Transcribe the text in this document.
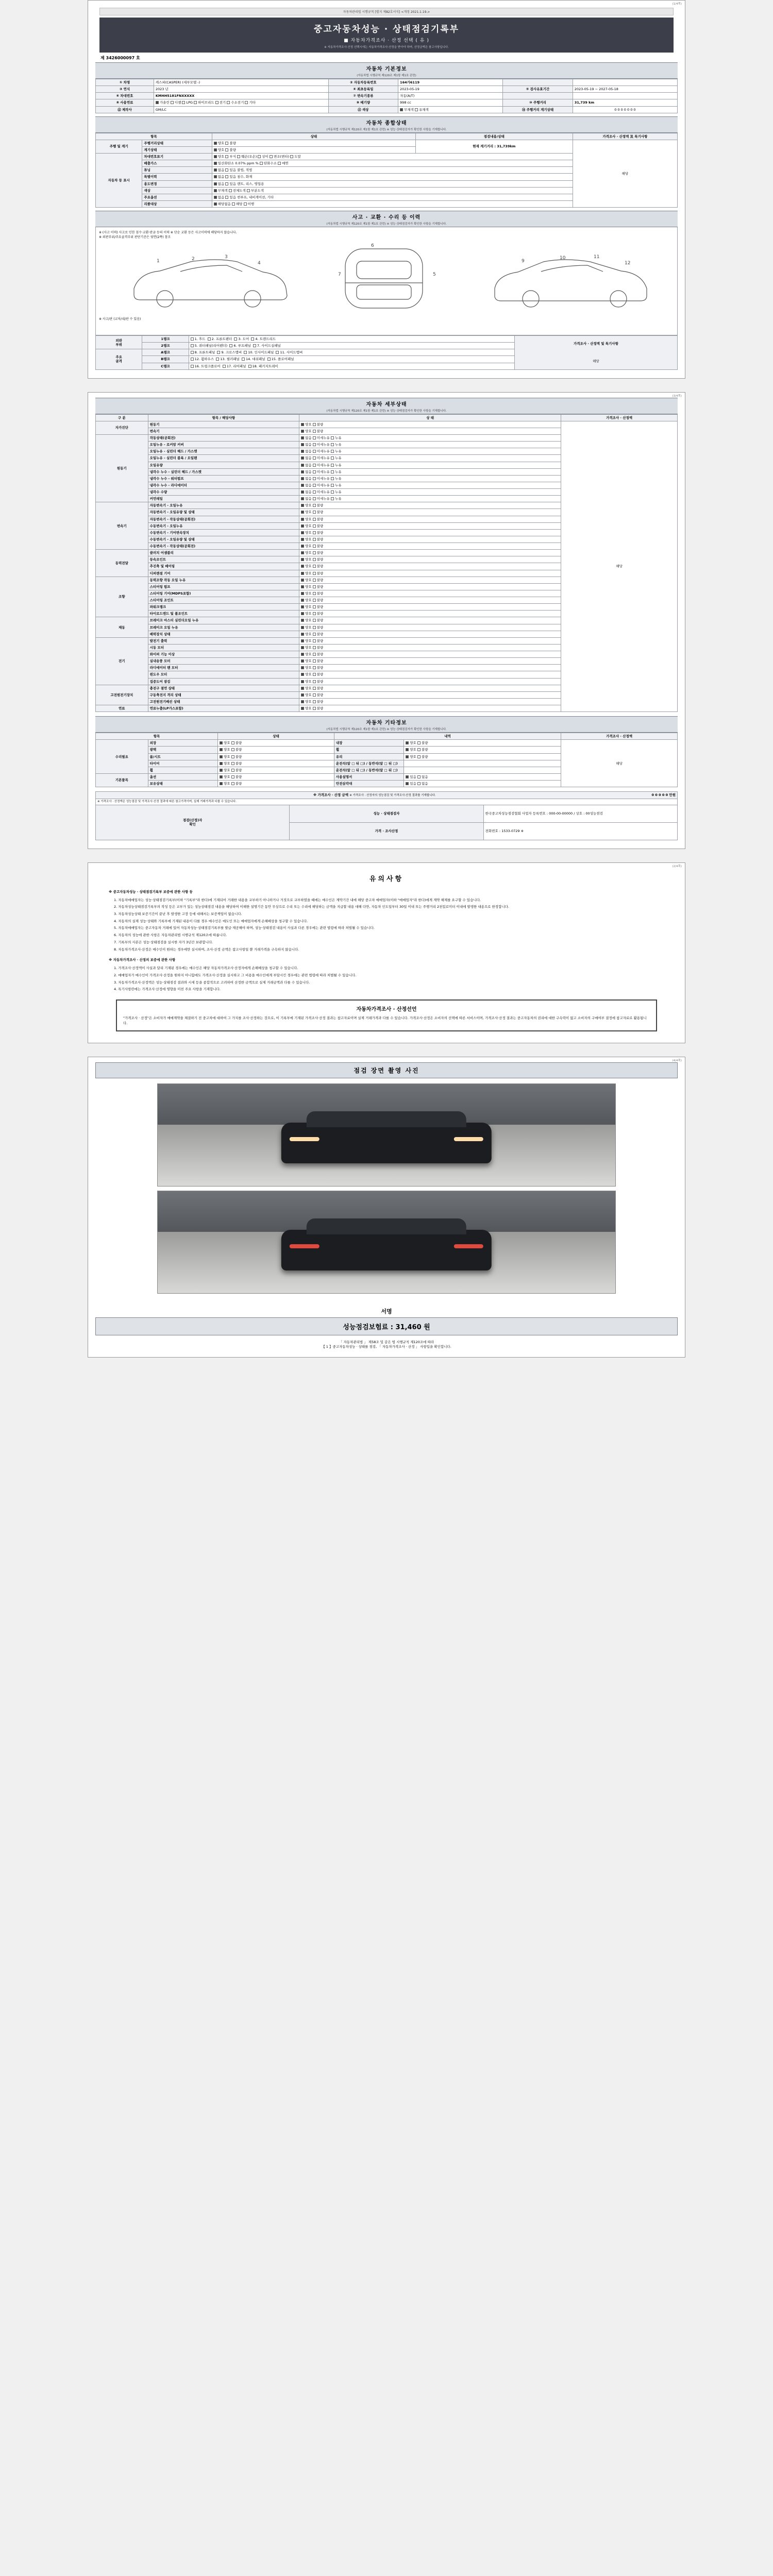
(1/4쪽)
자동차관리법 시행규칙 [별지 제82호서식] <개정 2021.1.19.>
중고자동차성능 · 상태점검기록부
■ 자동차가격조사 · 산정 선택 ( 유 )
※ 자동차가격조사·산정 선택시에는 자동차가격조사·산정을 받아야 하며, 산정금액은 참고사항입니다.
제 3426000097 호
자동차 기본정보
(자동차법 시행규칙 제120조 제1항 제1호 관련)
① 차명	캐스퍼(CASPER) (세부모델 -)	② 자동차등록번호	164가6119		
③ 연식	2023 년	④ 최초등록일	2023-05-19	⑤ 검사유효기간	2023-05-19 ~ 2027-05-18
⑥ 차대번호	KMHH5181FNXXXXX	⑦ 변속기종류	자동(A/T)		
⑧ 사용연료	가솔린 디젤 LPG 하이브리드 전기 수소전기 기타	⑨ 배기량	998 cc	⑩ 주행거리	31,739 km
⑫ 제작사	GM/LC	⑪ 색상	무채색 유채색	⑭ 주행거리 계기상태	0 0 0 0 0 0 0
자동차 종합상태
(자동차법 시행규칙 제120조 제1항 제1호 관련) ※ 성능·상태점검자가 확인한 사항을 기재합니다.
항목		상태	점검내용/상태	가격조사 · 산정액 及 특기사항
주행 및 계기	주행거리상태	양호 불량	현재 계기거리 : 31,739km	해당
	계기상태	양호 불량		
자동차 등 표시	차대번호표기	양호 부식 훼손(오손) 상이 변조(변타) 도말		
	배출가스	일산화탄소 0.07% ppm % 탄화수소 매연		
	튜닝	없음 있음 불법, 적법		
	특별이력	없음 있음 침수, 화재		
	용도변경	없음 있음 렌트, 리스, 영업용		
	색상	무채색 전체도색 부분도색		
	주요옵션	없음 있음 썬루프, 내비게이션, 기타		
	리콜대상	해당없음 해당 이행		
사고 · 교환 · 수리 등 이력
(자동차법 시행규칙 제120조 제1항 제1호 관련) ※ 성능·상태점검자가 확인한 사항을 기재합니다.
※ (사고 이력) 사고로 인한 침수·교환·판금 등의 이력 ※ 단순 교환 등은 사고이력에 해당하지 않습니다.
※ 외판부위/주요골격부위 판단기준은 뒷면(2쪽) 참조
1	2	3
4
6
5
7
9
10	11
12
※ 사고/판 (교차/내/판 수 있음)
외판
부위	1랭크	1. 후드 2. 프론트펜더 3. 도어 4. 트렌드리드	
가격조사 · 산정액 및 특기사항
해당

	2랭크	5. 쿼터패널(리어펜더) 6. 루프패널 7. 사이드실패널	
주요
골격	A랭크	8. 프론트패널 9. 크로스맴버 10. 인사이드패널 11. 사이드멤버	
	B랭크	12. 휠하우스 13. 필러패널 14. 대쉬패널 15. 플로어패널	
	C랭크	16. 트렁크플로어 17. 리어패널 18. 패키지트레이	
(3/4쪽)
자동차 세부상태
(자동차법 시행규칙 제120조 제1항 제1호 관련) ※ 성능·상태점검자가 확인한 사항을 기재합니다.
구 분	항목 / 해당사항	상 태	가격조사 · 산정액
자가진단	원동기	양호 불량	해당
	변속기	양호 불량	
원동기	작동상태(공회전)	없음 미세누유 누유	
	오일누유 - 로커암 커버	없음 미세누유 누유	
	오일누유 - 실린더 헤드 / 가스켓	없음 미세누유 누유	
	오일누유 - 실린더 블록 / 오일팬	없음 미세누유 누유	
	오일유량	없음 미세누유 누유	
	냉각수 누수 - 실린더 헤드 / 가스켓	없음 미세누유 누유	
	냉각수 누수 - 워터펌프	없음 미세누유 누유	
	냉각수 누수 - 라디에이터	없음 미세누유 누유	
	냉각수 수량	없음 미세누유 누유	
	커먼레일	없음 미세누유 누유	
변속기	자동변속기 - 오일누유	양호 불량	
	자동변속기 - 오일유량 및 상태	양호 불량	
	자동변속기 - 작동상태(공회전)	양호 불량	
	수동변속기 - 오일누유	양호 불량	
	수동변속기 - 기어변속장치	양호 불량	
	수동변속기 - 오일유량 및 상태	양호 불량	
	수동변속기 - 작동상태(공회전)	양호 불량	
동력전달	클러치 어셈블리	양호 불량	
	등속조인트	양호 불량	
	추진축 및 베어링	양호 불량	
	디퍼렌셜 기어	양호 불량	
조향	동력조향 작동 오일 누유	양호 불량	
	스티어링 펌프	양호 불량	
	스티어링 기어(MDPS포함)	양호 불량	
	스티어링 조인트	양호 불량	
	파워크랭크	양호 불량	
	타이로드엔드 및 볼조인트	양호 불량	
제동	브레이크 마스터 실린더오일 누유	양호 불량	
	브레이크 오일 누유	양호 불량	
	배력장치 상태	양호 불량	
전기	발전기 출력	양호 불량	
	시동 모터	양호 불량	
	와이퍼 기능 이상	양호 불량	
	실내송풍 모터	양호 불량	
	라디에이터 팬 모터	양호 불량	
	윈도우 모터	양호 불량	
	집중도어 잠김	양호 불량	
고전원전기장치	충전구 절연 상태	양호 불량	
	구동축전지 격리 상태	양호 불량	
	고전원전기배선 상태	양호 불량	
연료	연료누출(LP가스포함)	양호 불량	
자동차 기타정보
(자동차법 시행규칙 제120조 제1항 제1호 관련) ※ 성능·상태점검자가 확인한 사항을 기재합니다.
항목		상태	내역		가격조사 · 산정액
수리필요	외장	양호 불량	내장	양호 불량	해당
	광택	양호 불량	휠	양호 불량	
	룸/시트	양호 불량	유리	양호 불량	
	타이어	양호 불량	운전석(앞 □ 뒤 □) / 동반석(앞 □ 뒤 □)		
	휠	양호 불량	운전석(앞 □ 뒤 □) / 동반석(앞 □ 뒤 □)		
기본품목	옵션	양호 불량	사용설명서	있음 없음	
	보유상태	양호 불량	안전삼각대	있음 없음	
※ 가격조사 · 산정 금액 ※ 가격조사 · 산정자의 성능점검 및 가격조사·산정 결과를 기재합니다. 0 0 0 0 0 만원		

※ 가격조사 · 산정액은 성능점검 및 가격조사·산정 결과에 따른 참고가격이며, 실제 거래가격과 다를 수 있습니다.		
점검(산정)자
확인	성능 · 상태점검자	한국중고차성능점검협회 사업자 등록번호 : 000-00-00000 / 상호 : 00성능점검
	가격 · 조사산정	전화번호 : 1533-0729 ※
(2/4쪽)
유의사항
※ 중고자동차성능 · 상태점검기록부 보증에 관한 사항 등

1. 자동차매매업자는 성능·상태점검기록부(이하 "기록부"라 한다)에 기재되어 거래한 내용을 교부하기 아니하거나 거짓으로 교부하였을 때에는 매수인은 계약기간 내에 해당 중고차 매매업자(이하 "매매업자"라 한다)에게 계약 해제를 요구할 수 있습니다.

2. 자동차성능상태점검기록부의 작성 등은 교부가 있는 성능상태점검 내용을 해당하여 이해한 설명기간 동안 무상으로 수리 또는 수리에 해당하는 금액을 지급할 내용 대해 다만, 자동차 인도일부터 30일 이내 또는 주행거리 2천킬로미터 이내에 발생한 내용으로 한정합니다.

3. 자동차성능상태 보증기간이 끝난 후 발생한 고장 등에 대해서는 보증책임이 없습니다.

4. 자동차의 실제 성능·상태와 기록부에 기재된 내용이 다를 경우 매수인은 매도인 또는 매매업자에게 손해배상을 청구할 수 있습니다.

5. 자동차매매업자는 중고자동차 거래에 있어 자동차성능·상태점검기록부를 발급·제공해야 하며, 성능·상태점검 내용이 사실과 다른 경우에는 관련 법령에 따라 처벌될 수 있습니다.

6. 자동차의 성능에 관한 사항은 자동차관리법 시행규칙 제120조에 따릅니다.

7. 기록부의 사본은 성능·상태점검을 실시한 자가 3년간 보관합니다.

8. 자동차가격조사·산정은 매수인이 원하는 경우에만 실시하며, 조사·산정 금액은 참고사항일 뿐 거래가격을 구속하지 않습니다.

※ 자동차가격조사 · 산정의 보증에 관한 사항

1. 가격조사·산정액이 사실과 달리 기재된 경우에는 매수인은 해당 자동차가격조사·산정자에게 손해배상을 청구할 수 있습니다.

2. 매매업자가 매수인이 가격조사·산정을 원하지 아니함에도 가격조사·산정을 실시하고 그 비용을 매수인에게 부담시킨 경우에는 관련 법령에 따라 처벌될 수 있습니다.

3. 자동차가격조사·산정액은 성능·상태점검 결과와 시세 등을 종합적으로 고려하여 산정한 금액으로 실제 거래금액과 다를 수 있습니다.

4. 특기사항란에는 가격조사·산정에 영향을 미친 주요 사항을 기재합니다.

자동차가격조사 · 산정선언
"가격조사 · 산정"은 소비자가 매매계약을 체결하기 전 중고차에 대하여 그 가치를 조사·산정하는 것으로, 이 기록부에 기재된 가격조사·산정 결과는 참고자료이며 실제 거래가격과 다를 수 있습니다. 가격조사·산정은 소비자의 선택에 따른 서비스이며, 가격조사·산정 결과는 중고자동차의 권리에 대한 구속력이 없고 소비자의 구매여부 결정에 참고자료로 활용됩니다.
(4/4쪽)
점검 장면 촬영 사진
서명
성능점검보험료 : 31,460 원
「 자동차관리법 」 제58조 및 같은 법 시행규칙 제120조에 따라
【 1 】중고자동차성능 · 상태를 점검, 「 자동차가격조사 · 산정 」 사항입을 확인합니다.
